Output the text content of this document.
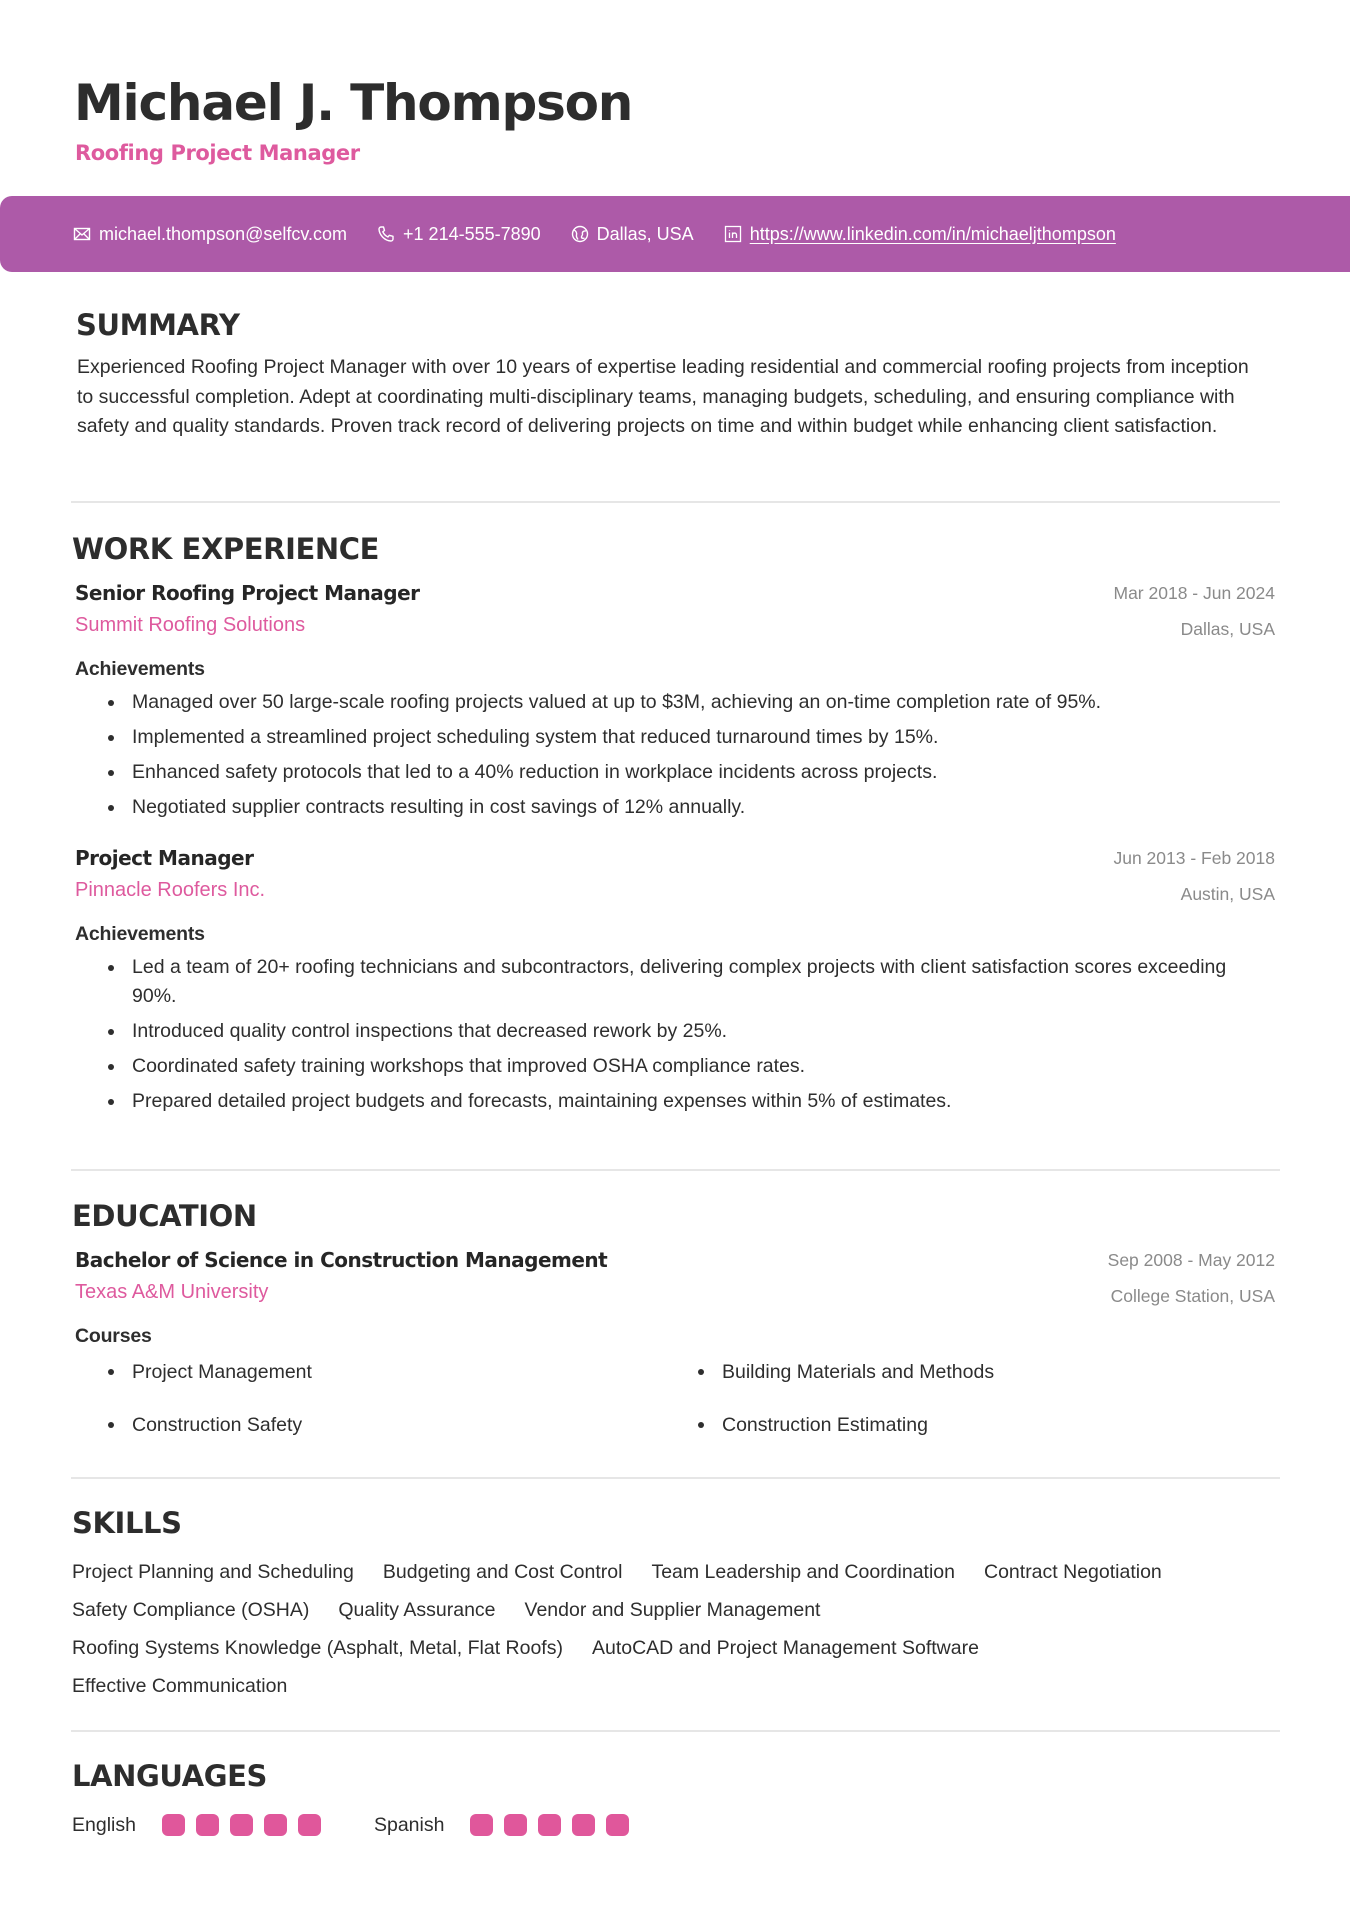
Michael J. Thompson
Roofing Project Manager
michael.thompson@selfcv.com	+1 214-555-7890	Dallas, USA	https://www.linkedin.com/in/michaeljthompson
SUMMARY
Experienced Roofing Project Manager with over 10 years of expertise leading residential and commercial roofing projects from inception to successful completion. Adept at coordinating multi-disciplinary teams, managing budgets, scheduling, and ensuring compliance with safety and quality standards. Proven track record of delivering projects on time and within budget while enhancing client satisfaction.
WORK EXPERIENCE
Senior Roofing Project Manager	Mar 2018 - Jun 2024
Summit Roofing Solutions	Dallas, USA
Achievements
Managed over 50 large-scale roofing projects valued at up to $3M, achieving an on-time completion rate of 95%.
Implemented a streamlined project scheduling system that reduced turnaround times by 15%.
Enhanced safety protocols that led to a 40% reduction in workplace incidents across projects.
Negotiated supplier contracts resulting in cost savings of 12% annually.
Project Manager	Jun 2013 - Feb 2018
Pinnacle Roofers Inc.	Austin, USA
Achievements
Led a team of 20+ roofing technicians and subcontractors, delivering complex projects with client satisfaction scores exceeding 90%.
Introduced quality control inspections that decreased rework by 25%.
Coordinated safety training workshops that improved OSHA compliance rates.
Prepared detailed project budgets and forecasts, maintaining expenses within 5% of estimates.
EDUCATION
Bachelor of Science in Construction Management	Sep 2008 - May 2012
Texas A&M University	College Station, USA
Courses
Project Management	Building Materials and Methods
Construction Safety	Construction Estimating
SKILLS
Project Planning and Scheduling Budgeting and Cost Control Team Leadership and Coordination Contract Negotiation
Safety Compliance (OSHA) Quality Assurance Vendor and Supplier Management
Roofing Systems Knowledge (Asphalt, Metal, Flat Roofs) AutoCAD and Project Management Software
Effective Communication
LANGUAGES
English	Spanish
